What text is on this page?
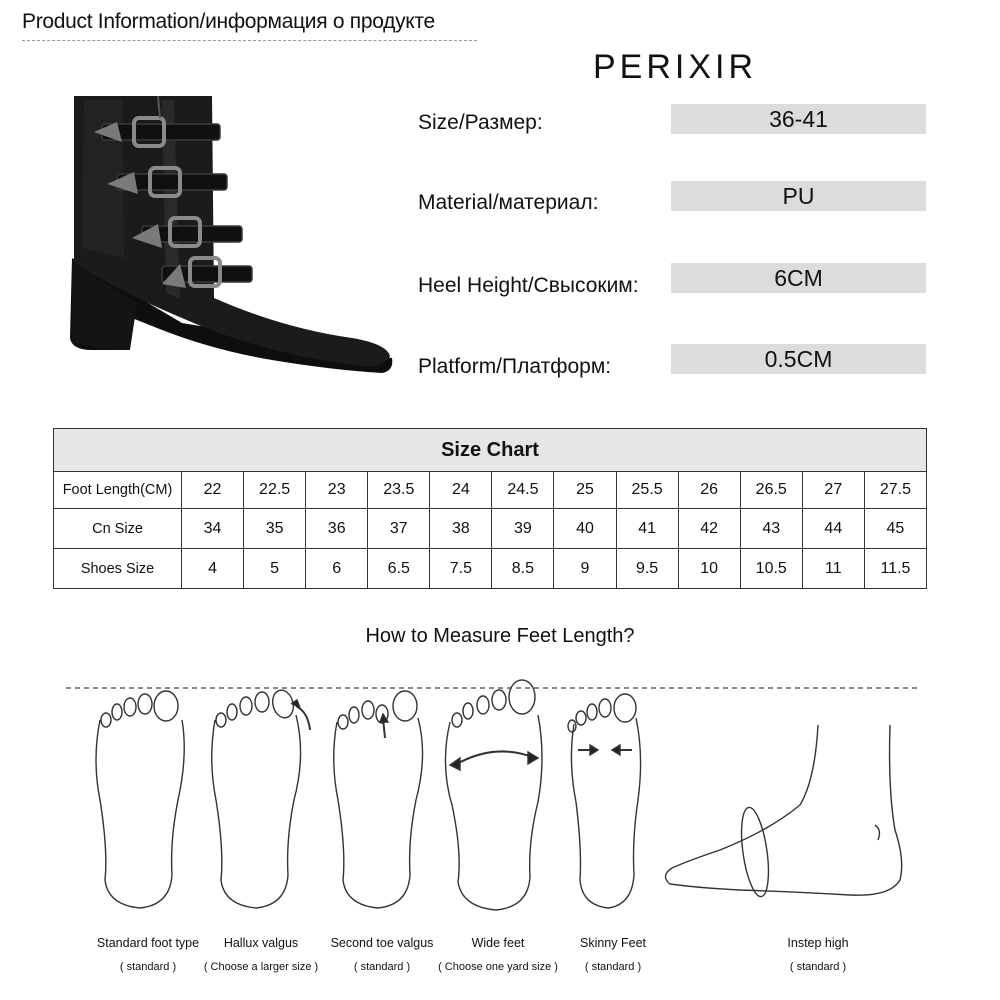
Product Information/информация о продукте
PERIXIR
Size/Размер:	36-41
Material/материал:	PU
Heel Height/Свысоким:	6CM
Platform/Платформ:	0.5CM
Size Chart												
Foot Length(CM)	22	22.5	23	23.5	24	24.5	25	25.5	26	26.5	27	27.5
Cn Size	34	35	36	37	38	39	40	41	42	43	44	45
Shoes Size	4	5	6	6.5	7.5	8.5	9	9.5	10	10.5	11	11.5
How to Measure Feet Length?
Standard foot type
( standard )
Hallux valgus
( Choose a larger size )
Second toe valgus
( standard )
Wide feet
( Choose one yard size )
Skinny Feet
( standard )
Instep high
( standard )
